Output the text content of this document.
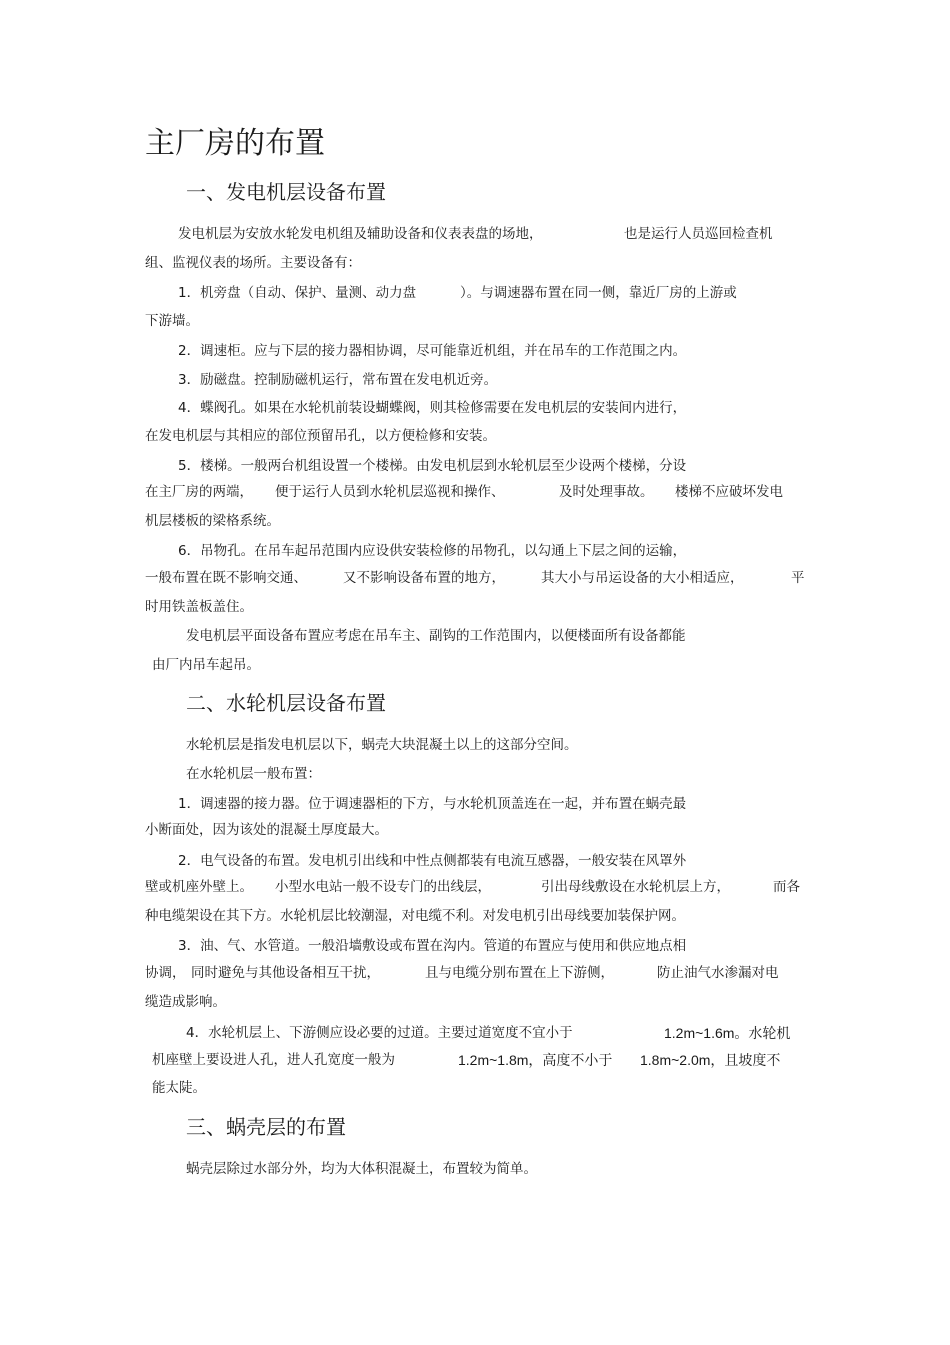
主厂房的布置
一、发电机层设备布置
发电机层为安放水轮发电机组及辅助设备和仪表表盘的场地，	也是运行人员巡回检查机
组、监视仪表的场所。主要设备有：
1．机旁盘（自动、保护、量测、动力盘	）。与调速器布置在同一侧，靠近厂房的上游或
下游墙。
2．调速柜。应与下层的接力器相协调，尽可能靠近机组，并在吊车的工作范围之内。
3．励磁盘。控制励磁机运行，常布置在发电机近旁。
4．蝶阀孔。如果在水轮机前装设蝴蝶阀，则其检修需要在发电机层的安装间内进行，
在发电机层与其相应的部位预留吊孔，以方便检修和安装。
5．楼梯。一般两台机组设置一个楼梯。由发电机层到水轮机层至少设两个楼梯，分设
在主厂房的两端， 便于运行人员到水轮机层巡视和操作、	及时处理事故。 楼梯不应破坏发电
机层楼板的梁格系统。
6．吊物孔。在吊车起吊范围内应设供安装检修的吊物孔，以勾通上下层之间的运输，
一般布置在既不影响交通、	又不影响设备布置的地方，	其大小与吊运设备的大小相适应，	平
时用铁盖板盖住。
发电机层平面设备布置应考虑在吊车主、副钩的工作范围内，以便楼面所有设备都能
由厂内吊车起吊。
二、水轮机层设备布置
水轮机层是指发电机层以下，蜗壳大块混凝土以上的这部分空间。
在水轮机层一般布置：
1．调速器的接力器。位于调速器柜的下方，与水轮机顶盖连在一起，并布置在蜗壳最
小断面处，因为该处的混凝土厚度最大。
2．电气设备的布置。发电机引出线和中性点侧都装有电流互感器，一般安装在风罩外
壁或机座外壁上。 小型水电站一般不设专门的出线层，	引出母线敷设在水轮机层上方，	而各
种电缆架设在其下方。水轮机层比较潮湿，对电缆不利。对发电机引出母线要加装保护网。
3．油、气、水管道。一般沿墙敷设或布置在沟内。管道的布置应与使用和供应地点相
协调， 同时避免与其他设备相互干扰，	且与电缆分别布置在上下游侧，	防止油气水渗漏对电
缆造成影响。
4．水轮机层上、下游侧应设必要的过道。主要过道宽度不宜小于	1.2m~1.6m。水轮机
机座壁上要设进人孔，进人孔宽度一般为	1.2m~1.8m，高度不小于 1.8m~2.0m，且坡度不
能太陡。
三、蜗壳层的布置
蜗壳层除过水部分外，均为大体积混凝土，布置较为简单。
